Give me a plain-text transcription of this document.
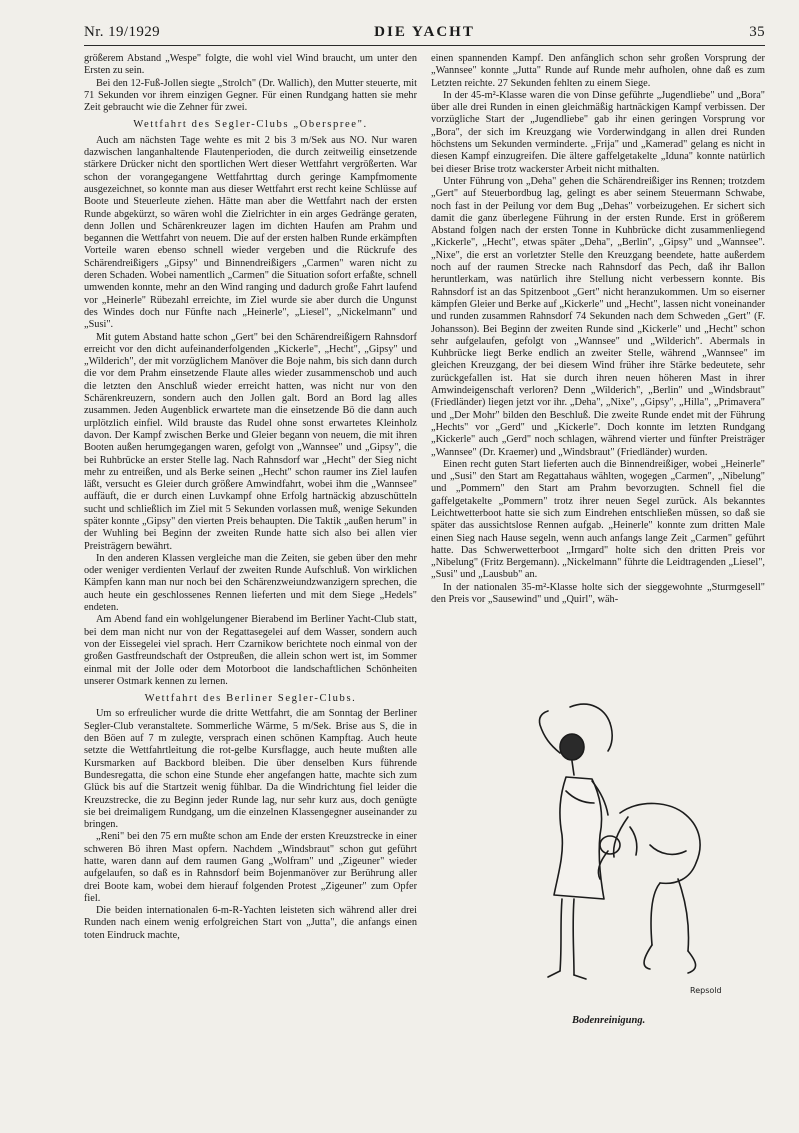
Nr. 19/1929	DIE YACHT	35

größerem Abstand „Wespe" folgte, die wohl viel Wind braucht, um unter den Ersten zu sein.

Bei den 12-Fuß-Jollen siegte „Strolch" (Dr. Wallich), den Mutter steuerte, mit 71 Sekunden vor ihrem einzigen Gegner. Für einen Rundgang hatten sie mehr Zeit gebraucht wie die Zehner für zwei.

Wettfahrt des Segler-Clubs „Oberspree".

Auch am nächsten Tage wehte es mit 2 bis 3 m/Sek aus NO. Nur waren dazwischen langanhaltende Flautenperioden, die durch zeitweilig einsetzende stärkere Drücker nicht den sportlichen Wert dieser Wettfahrt vergrößerten. War schon der vorangegangene Wettfahrttag durch geringe Kampfmomente ausgezeichnet, so konnte man aus dieser Wettfahrt erst recht keine Schlüsse auf Boote und Steuerleute ziehen. Hätte man aber die Wettfahrt nach der ersten Runde abgekürzt, so wären wohl die Zielrichter in ein arges Gedränge geraten, denn Jollen und Schärenkreuzer lagen im dichten Haufen am Prahm und begannen die Wettfahrt von neuem. Die auf der ersten halben Runde erkämpften Vorteile waren ebenso schnell wieder vergeben und die Rückrufe des Schärendreißigers „Gipsy" und Binnendreißigers „Carmen" waren nicht zu deren Schaden. Wobei namentlich „Carmen" die Situation sofort erfaßte, schnell umwenden konnte, mehr an den Wind ranging und dadurch große Fahrt laufend vor „Heinerle" Rübezahl erreichte, im Ziel wurde sie aber durch die Ungunst des Windes doch nur Fünfte nach „Heinerle", „Liesel", „Nickelmann" und „Susi".

Mit gutem Abstand hatte schon „Gert" bei den Schärendreißigern Rahnsdorf erreicht vor den dicht aufeinanderfolgenden „Kickerle", „Hecht", „Gipsy" und „Wilderich", der mit vorzüglichem Manöver die Boje nahm, bis sich dann durch die vor dem Prahm einsetzende Flaute alles wieder zusammenschob und auch die letzten den Anschluß wieder erreicht hatten, was nicht nur von den Schärenkreuzern, sondern auch den Jollen galt. Bord an Bord lag alles zusammen. Jeden Augenblick erwartete man die einsetzende Bö die dann auch urplötzlich einfiel. Wild brauste das Rudel ohne sonst erwartetes Kleinholz davon. Der Kampf zwischen Berke und Gleier begann von neuem, die mit ihren Booten außen herumgegangen waren, gefolgt von „Wannsee" und „Gipsy", die bei Ruhbrücke an erster Stelle lag. Nach Rahnsdorf war „Hecht" der Sieg nicht mehr zu entreißen, und als Berke seinen „Hecht" schon raumer ins Ziel laufen läßt, versucht es Gleier durch größere Amwindfahrt, wobei ihm die „Wannsee" auffäuft, die er durch einen Luvkampf ohne Erfolg hartnäckig abzuschütteln sucht und schließlich im Ziel mit 5 Sekunden vorlassen muß, wenige Sekunden später konnte „Gipsy" den vierten Preis behaupten. Die Taktik „außen herum" in der Wuhling bei Beginn der zweiten Runde hatte sich also bei allen vier Preisträgern bewährt.

In den anderen Klassen vergleiche man die Zeiten, sie geben über den mehr oder weniger verdienten Verlauf der zweiten Runde Aufschluß. Von wirklichen Kämpfen kann man nur noch bei den Schärenzweiundzwanzigern sprechen, die auch heute ein geschlossenes Rennen lieferten und mit dem Siege „Hedels" endeten.

Am Abend fand ein wohlgelungener Bierabend im Berliner Yacht-Club statt, bei dem man nicht nur von der Regattasegelei auf dem Wasser, sondern auch von der Eissegelei viel sprach. Herr Czarnikow berichtete noch einmal von der großen Gastfreundschaft der Ostpreußen, die allein schon wert ist, im Sommer einmal mit der Jolle oder dem Motorboot die landschaftlichen Schönheiten unserer Ostmark kennen zu lernen.

Wettfahrt des Berliner Segler-Clubs.

Um so erfreulicher wurde die dritte Wettfahrt, die am Sonntag der Berliner Segler-Club veranstaltete. Sommerliche Wärme, 5 m/Sek. Brise aus S, die in den Böen auf 7 m zulegte, versprach einen schönen Kampftag. Auch heute setzte die Wettfahrtleitung die rot-gelbe Kursflagge, auch heute mußten alle Kursmarken auf Backbord bleiben. Die über denselben Kurs führende Bundesregatta, die schon eine Stunde eher angefangen hatte, machte sich zum Glück bis auf die Startzeit wenig fühlbar. Da die Windrichtung fiel leider die Kreuzstrecke, die zu Beginn jeder Runde lag, nur sehr kurz aus, doch genügte sie bei dreimaligem Rundgang, um die einzelnen Klassengegner auseinander zu bringen.

„Reni" bei den 75 ern mußte schon am Ende der ersten Kreuzstrecke in einer schweren Bö ihren Mast opfern. Nachdem „Windsbraut" schon gut geführt hatte, waren dann auf dem raumen Gang „Wolfram" und „Zigeuner" wieder aufgelaufen, so daß es in Rahnsdorf beim Bojenmanöver zur Berührung aller drei Boote kam, wobei dem hierauf folgenden Protest „Zigeuner" zum Opfer fiel.

Die beiden internationalen 6-m-R-Yachten leisteten sich während aller drei Runden nach einem wenig erfolgreichen Start von „Jutta", die anfangs einen toten Eindruck machte,

einen spannenden Kampf. Den anfänglich schon sehr großen Vorsprung der „Wannsee" konnte „Jutta" Runde auf Runde mehr aufholen, ohne daß es zum Letzten reichte. 27 Sekunden fehlten zu einem Siege.

In der 45-m²-Klasse waren die von Dinse geführte „Jugendliebe" und „Bora" über alle drei Runden in einen gleichmäßig hartnäckigen Kampf verbissen. Der vorzügliche Start der „Jugendliebe" gab ihr einen geringen Vorsprung vor „Bora", der sich im Kreuzgang wie Vorderwindgang in allen drei Runden höchstens um Sekunden verminderte. „Frija" und „Kamerad" gelang es nicht in diesen Kampf einzugreifen. Die ältere gaffelgetakelte „Iduna" konnte natürlich bei dieser Brise trotz wackerster Arbeit nicht mithalten.

Unter Führung von „Deha" gehen die Schärendreißiger ins Rennen; trotzdem „Gert" auf Steuerbordbug lag, gelingt es aber seinem Steuermann Schwabe, noch fast in der Peilung vor dem Bug „Dehas" vorbeizugehen. Er sichert sich damit die ganz überlegene Führung in der ersten Runde. Erst in größerem Abstand folgen nach der ersten Tonne in Kuhbrücke dicht zusammenliegend „Kickerle", „Hecht", etwas später „Deha", „Berlin", „Gipsy" und „Wannsee". „Nixe", die erst an vorletzter Stelle den Kreuzgang beendete, hatte außerdem noch auf der raumen Strecke nach Rahnsdorf das Pech, daß ihr Ballon heruntlerkam, was natürlich ihre Stellung nicht verbessern konnte. Bis Rahnsdorf ist an das Spitzenboot „Gert" nicht heranzukommen. Um so eiserner kämpfen Gleier und Berke auf „Kickerle" und „Hecht", lassen nicht voneinander und runden zusammen Rahnsdorf 74 Sekunden nach dem Schweden „Gert" (F. Johansson). Bei Beginn der zweiten Runde sind „Kickerle" und „Hecht" schon sehr aufgelaufen, gefolgt von „Wannsee" und „Wilderich". Abermals in Kuhbrücke liegt Berke endlich an zweiter Stelle, während „Wannsee" im gleichen Kreuzgang, der bei diesem Wind früher ihre Stärke bedeutete, sehr zurückgefallen ist. Hat sie durch ihren neuen höheren Mast in ihrer Amwindeigenschaft verloren? Denn „Wilderich", „Berlin" und „Windsbraut" (Friedländer) liegen jetzt vor ihr. „Deha", „Nixe", „Gipsy", „Hilla", „Primavera" und „Der Mohr" bilden den Beschluß. Die zweite Runde endet mit der Führung „Hechts" vor „Gerd" und „Kickerle". Doch konnte im letzten Rundgang „Kickerle" auch „Gerd" noch schlagen, während vierter und fünfter Preisträger „Wannsee" (Dr. Kraemer) und „Windsbraut" (Friedländer) wurden.

Einen recht guten Start lieferten auch die Binnendreißiger, wobei „Heinerle" und „Susi" den Start am Regattahaus wählten, wogegen „Carmen", „Nibelung" und „Pommern" den Start am Prahm bevorzugten. Schnell fiel die gaffelgetakelte „Pommern" trotz ihrer neuen Segel zurück. Als bekanntes Leichtwetterboot hatte sie sich zum Eindrehen entschließen müssen, so daß sie später das aussichtslose Rennen aufgab. „Heinerle" konnte zum dritten Male einen Sieg nach Hause segeln, wenn auch anfangs lange Zeit „Carmen" geführt hatte. Das Schwerwetterboot „Irmgard" holte sich den dritten Preis vor „Nibelung" (Fritz Bergemann). „Nickelmann" führte die Leidtragenden „Liesel", „Susi" und „Lausbub" an.

In der nationalen 35-m²-Klasse holte sich der sieggewohnte „Sturmgesell" den Preis vor „Sausewind" und „Quirl", wäh-

Repsold
Bodenreinigung.
